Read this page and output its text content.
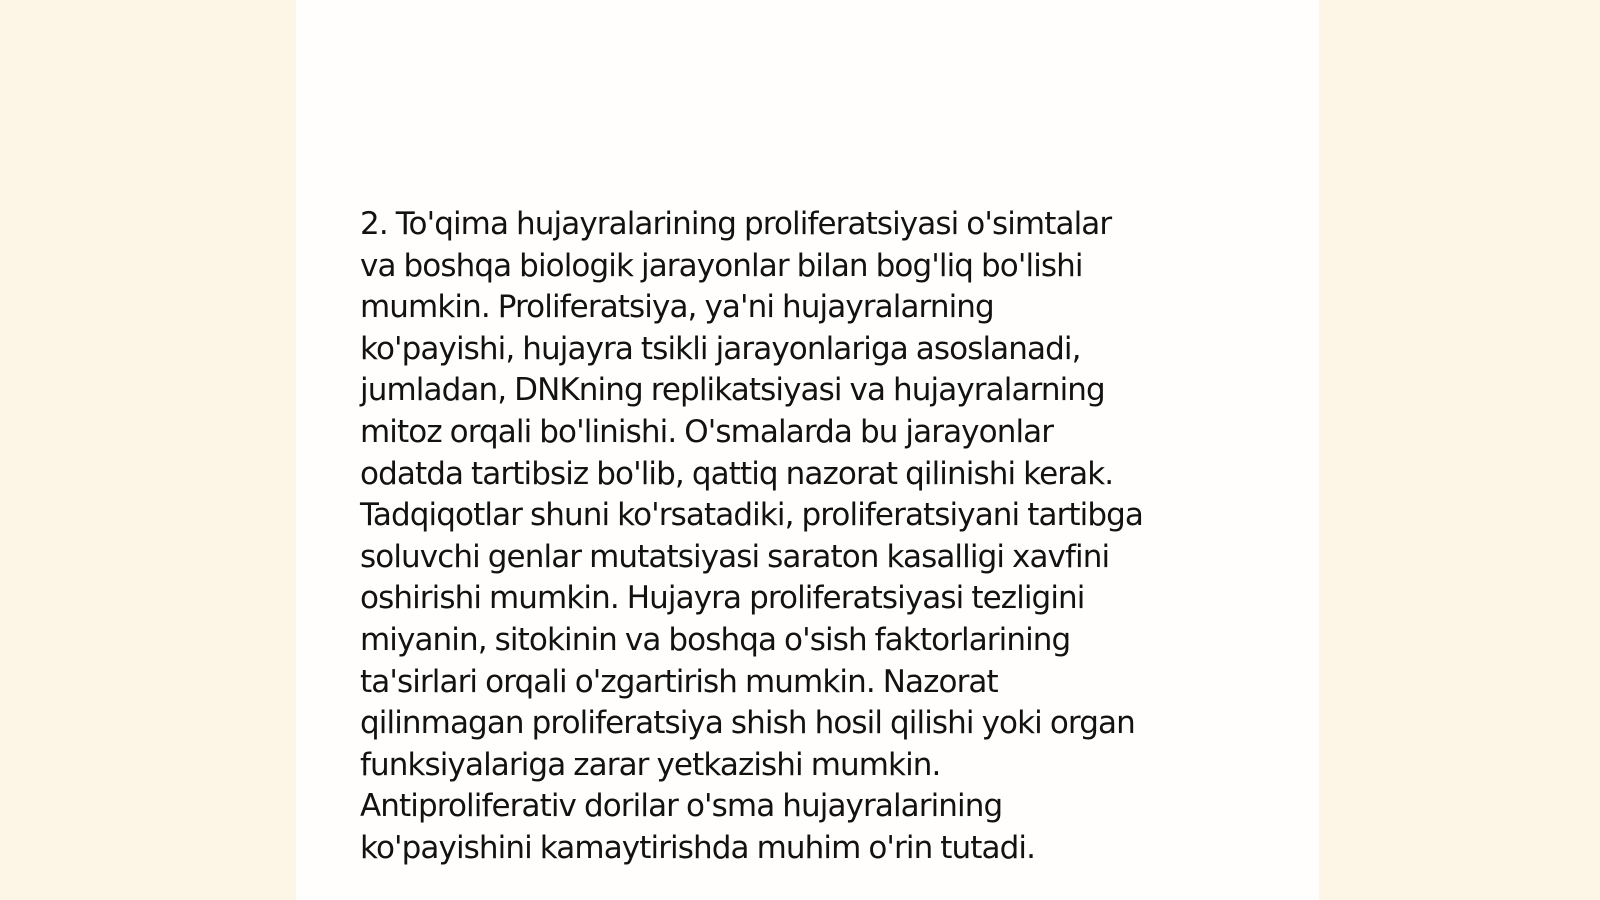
2. To'qima hujayralarining proliferatsiyasi o'simtalar
va boshqa biologik jarayonlar bilan bog'liq bo'lishi
mumkin. Proliferatsiya, ya'ni hujayralarning
ko'payishi, hujayra tsikli jarayonlariga asoslanadi,
jumladan, DNKning replikatsiyasi va hujayralarning
mitoz orqali bo'linishi. O'smalarda bu jarayonlar
odatda tartibsiz bo'lib, qattiq nazorat qilinishi kerak.
Tadqiqotlar shuni ko'rsatadiki, proliferatsiyani tartibga
soluvchi genlar mutatsiyasi saraton kasalligi xavfini
oshirishi mumkin. Hujayra proliferatsiyasi tezligini
miyanin, sitokinin va boshqa o'sish faktorlarining
ta'sirlari orqali o'zgartirish mumkin. Nazorat
qilinmagan proliferatsiya shish hosil qilishi yoki organ
funksiyalariga zarar yetkazishi mumkin.
Antiproliferativ dorilar o'sma hujayralarining
ko'payishini kamaytirishda muhim o'rin tutadi.
